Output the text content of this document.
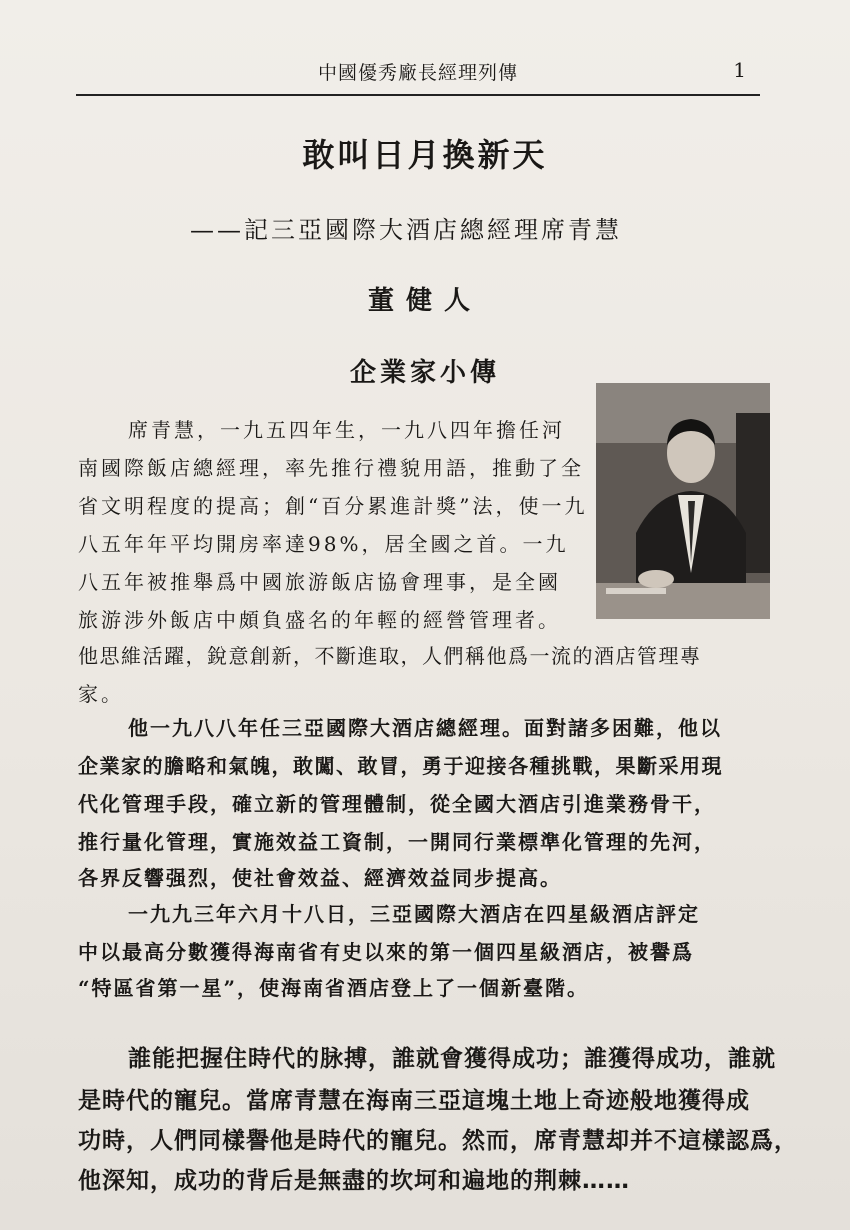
中國優秀廠長經理列傳	1
敢叫日月換新天
——記三亞國際大酒店總經理席青慧
董健人
企業家小傳
席青慧，一九五四年生，一九八四年擔任河
南國際飯店總經理，率先推行禮貌用語，推動了全
省文明程度的提高；創“百分累進計獎”法，使一九
八五年年平均開房率達98%，居全國之首。一九
八五年被推舉爲中國旅游飯店協會理事，是全國
旅游涉外飯店中頗負盛名的年輕的經營管理者。
他思維活躍，銳意創新，不斷進取，人們稱他爲一流的酒店管理專
家。
他一九八八年任三亞國際大酒店總經理。面對諸多困難，他以
企業家的膽略和氣魄，敢闖、敢冒，勇于迎接各種挑戰，果斷采用現
代化管理手段，確立新的管理體制，從全國大酒店引進業務骨干，
推行量化管理，實施效益工資制，一開同行業標準化管理的先河，
各界反響强烈，使社會效益、經濟效益同步提高。
一九九三年六月十八日，三亞國際大酒店在四星級酒店評定
中以最高分數獲得海南省有史以來的第一個四星級酒店，被譽爲
“特區省第一星”，使海南省酒店登上了一個新臺階。
誰能把握住時代的脉搏，誰就會獲得成功；誰獲得成功，誰就
是時代的寵兒。當席青慧在海南三亞這塊土地上奇迹般地獲得成
功時，人們同樣譽他是時代的寵兒。然而，席青慧却并不這樣認爲，
他深知，成功的背后是無盡的坎坷和遍地的荆棘……
